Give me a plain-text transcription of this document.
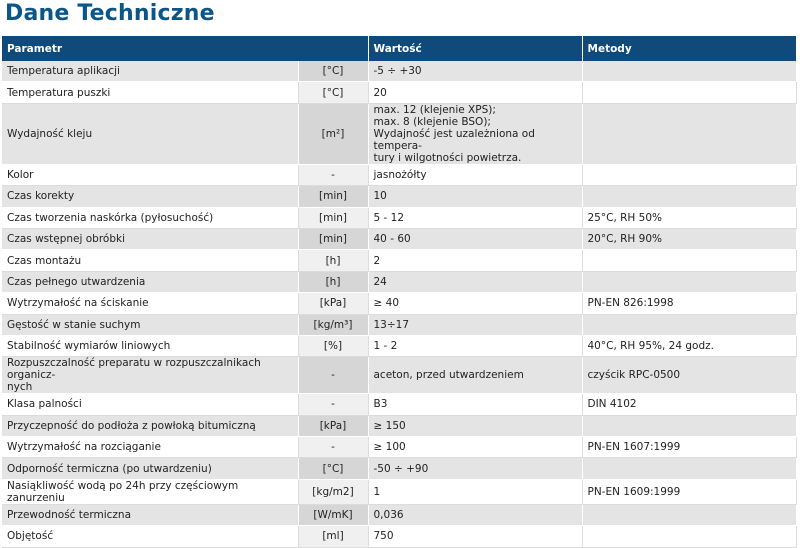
Dane Techniczne
Parametr		Wartość	Metody
Temperatura aplikacji	[°C]	-5 ÷ +30	
Temperatura puszki	[°C]	20	
Wydajność kleju	[m²]	max. 12 (klejenie XPS);
max. 8 (klejenie BSO);
Wydajność jest uzależniona od tempera-
tury i wilgotności powietrza.	
Kolor	-	jasnożółty	
Czas korekty	[min]	10	
Czas tworzenia naskórka (pyłosuchość)	[min]	5 - 12	25°C, RH 50%
Czas wstępnej obróbki	[min]	40 - 60	20°C, RH 90%
Czas montażu	[h]	2	
Czas pełnego utwardzenia	[h]	24	
Wytrzymałość na ściskanie	[kPa]	≥ 40	PN-EN 826:1998
Gęstość w stanie suchym	[kg/m³]	13÷17	
Stabilność wymiarów liniowych	[%]	1 - 2	40°C, RH 95%, 24 godz.
Rozpuszczalność preparatu w rozpuszczalnikach organicz-
nych	-	aceton, przed utwardzeniem	czyścik RPC-0500
Klasa palności	-	B3	DIN 4102
Przyczepność do podłoża z powłoką bitumiczną	[kPa]	≥ 150	
Wytrzymałość na rozciąganie	-	≥ 100	PN-EN 1607:1999
Odporność termiczna (po utwardzeniu)	[°C]	-50 ÷ +90	
Nasiąkliwość wodą po 24h przy częściowym zanurzeniu	[kg/m2]	1	PN-EN 1609:1999
Przewodność termiczna	[W/mK]	0,036	
Objętość	[ml]	750	
